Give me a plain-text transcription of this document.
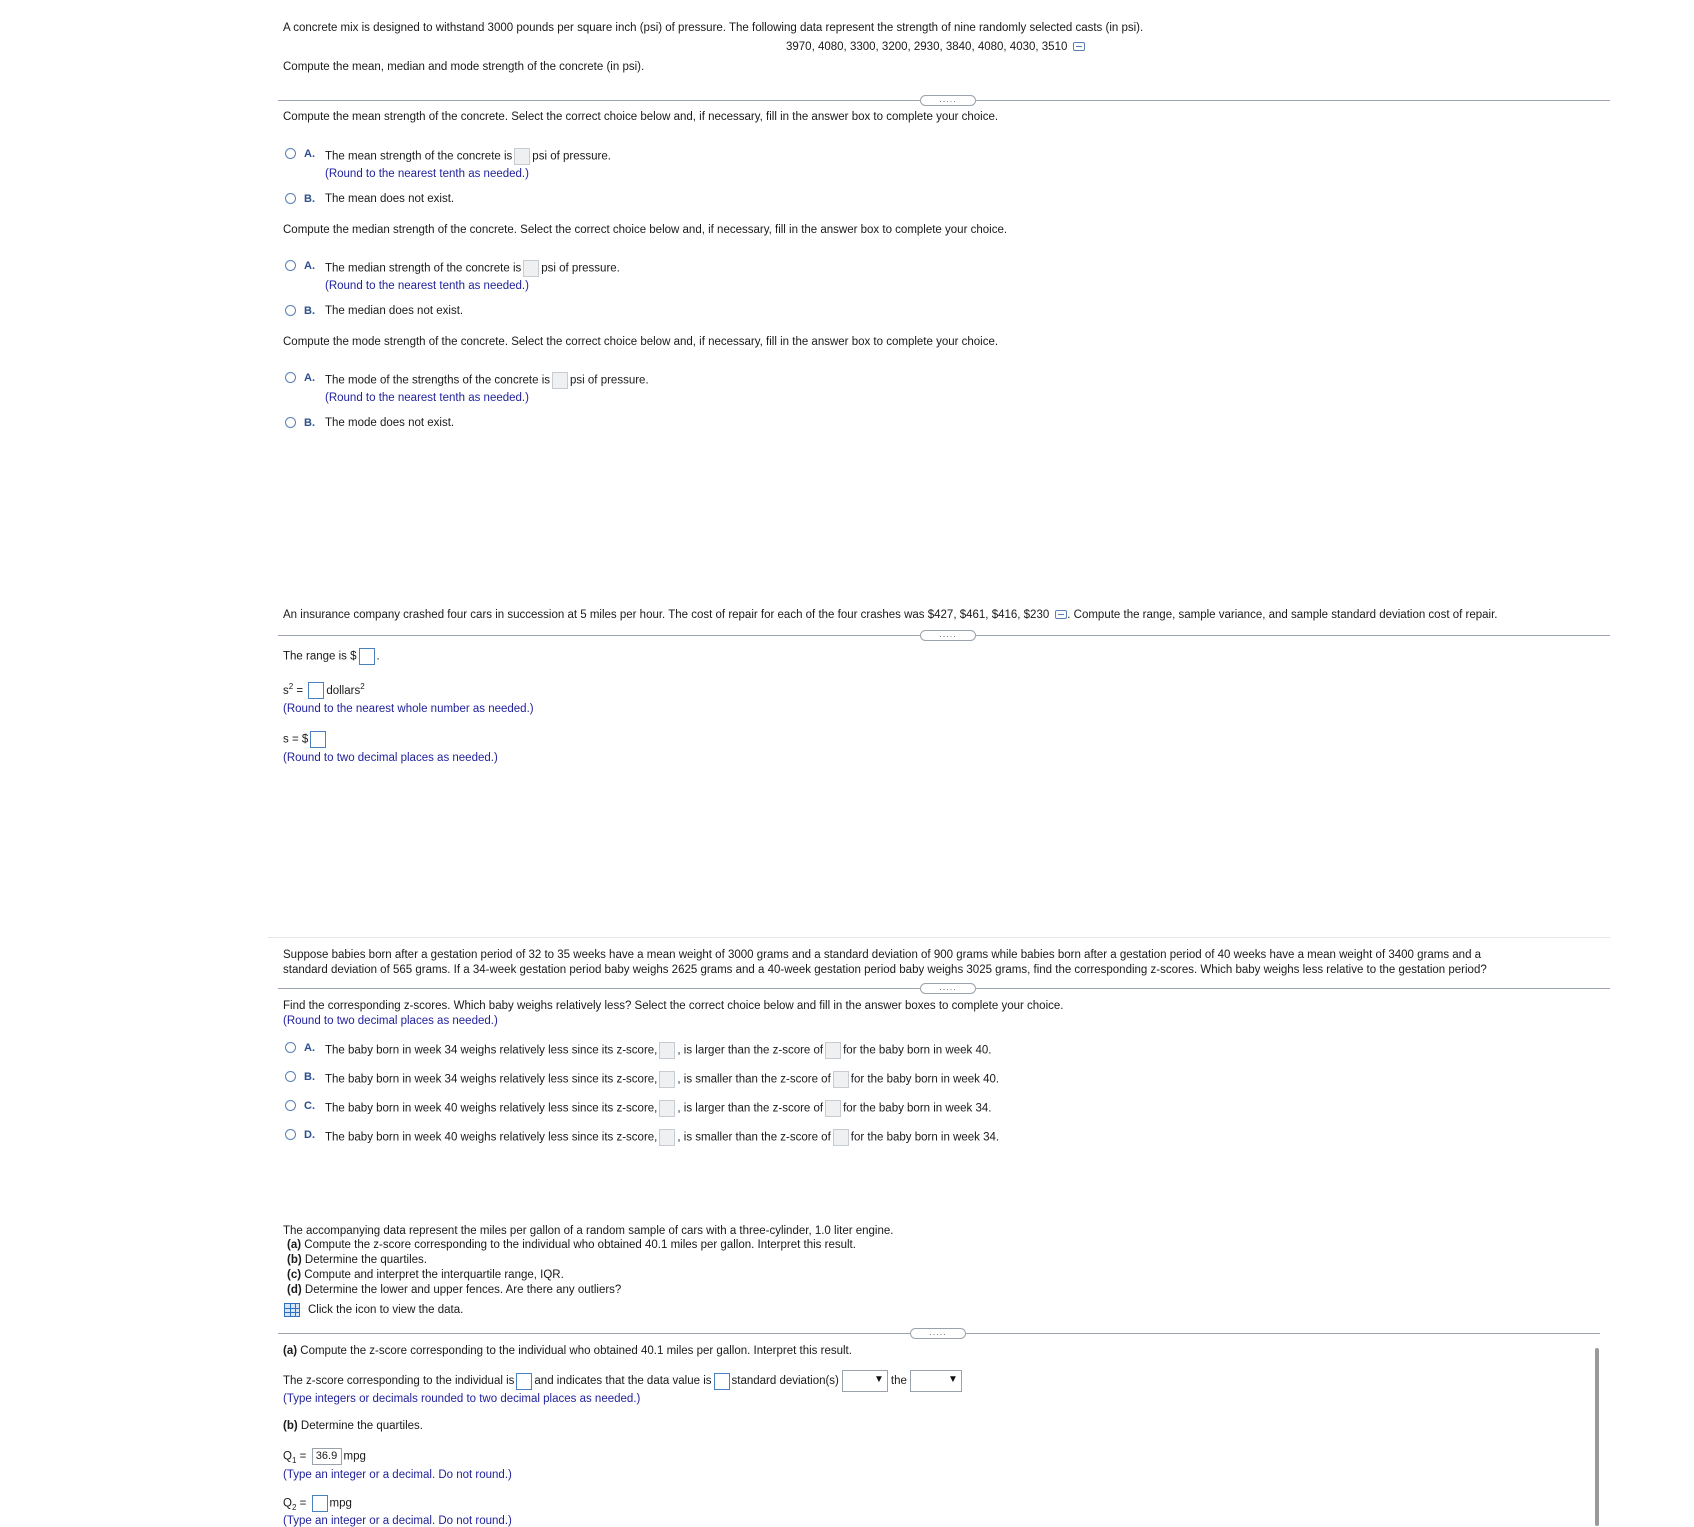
A concrete mix is designed to withstand 3000 pounds per square inch (psi) of pressure. The following data represent the strength of nine randomly selected casts (in psi).
3970, 4080, 3300, 3200, 2930, 3840, 4080, 4030, 3510
Compute the mean, median and mode strength of the concrete (in psi).
.....
Compute the mean strength of the concrete. Select the correct choice below and, if necessary, fill in the answer box to complete your choice.
A. The mean strength of the concrete is psi of pressure.
(Round to the nearest tenth as needed.)
B. The mean does not exist.
Compute the median strength of the concrete. Select the correct choice below and, if necessary, fill in the answer box to complete your choice.
A. The median strength of the concrete is psi of pressure.
(Round to the nearest tenth as needed.)
B. The median does not exist.
Compute the mode strength of the concrete. Select the correct choice below and, if necessary, fill in the answer box to complete your choice.
A. The mode of the strengths of the concrete is psi of pressure.
(Round to the nearest tenth as needed.)
B. The mode does not exist.
An insurance company crashed four cars in succession at 5 miles per hour. The cost of repair for each of the four crashes was $427, $461, $416, $230 . Compute the range, sample variance, and sample standard deviation cost of repair.
.....
The range is $ .
$s^2$ = dollars$^2$
(Round to the nearest whole number as needed.)
s = $
(Round to two decimal places as needed.)
Suppose babies born after a gestation period of 32 to 35 weeks have a mean weight of 3000 grams and a standard deviation of 900 grams while babies born after a gestation period of 40 weeks have a mean weight of 3400 grams and a
standard deviation of 565 grams. If a 34-week gestation period baby weighs 2625 grams and a 40-week gestation period baby weighs 3025 grams, find the corresponding z-scores. Which baby weighs less relative to the gestation period?
.....
Find the corresponding z-scores. Which baby weighs relatively less? Select the correct choice below and fill in the answer boxes to complete your choice.
(Round to two decimal places as needed.)
A. The baby born in week 34 weighs relatively less since its z-score, , is larger than the z-score of for the baby born in week 40.
B. The baby born in week 34 weighs relatively less since its z-score, , is smaller than the z-score of for the baby born in week 40.
C. The baby born in week 40 weighs relatively less since its z-score, , is larger than the z-score of for the baby born in week 34.
D. The baby born in week 40 weighs relatively less since its z-score, , is smaller than the z-score of for the baby born in week 34.
The accompanying data represent the miles per gallon of a random sample of cars with a three-cylinder, 1.0 liter engine.
(a) Compute the z-score corresponding to the individual who obtained 40.1 miles per gallon. Interpret this result.
(b) Determine the quartiles.
(c) Compute and interpret the interquartile range, IQR.
(d) Determine the lower and upper fences. Are there any outliers?
Click the icon to view the data.
.....
(a) Compute the z-score corresponding to the individual who obtained 40.1 miles per gallon. Interpret this result.
The z-score corresponding to the individual is and indicates that the data value is standard deviation(s)	▼ the	▼
(Type integers or decimals rounded to two decimal places as needed.)
(b) Determine the quartiles.
$Q_1 = 36.9$ mpg
(Type an integer or a decimal. Do not round.)
$Q_2$ = mpg
(Type an integer or a decimal. Do not round.)
